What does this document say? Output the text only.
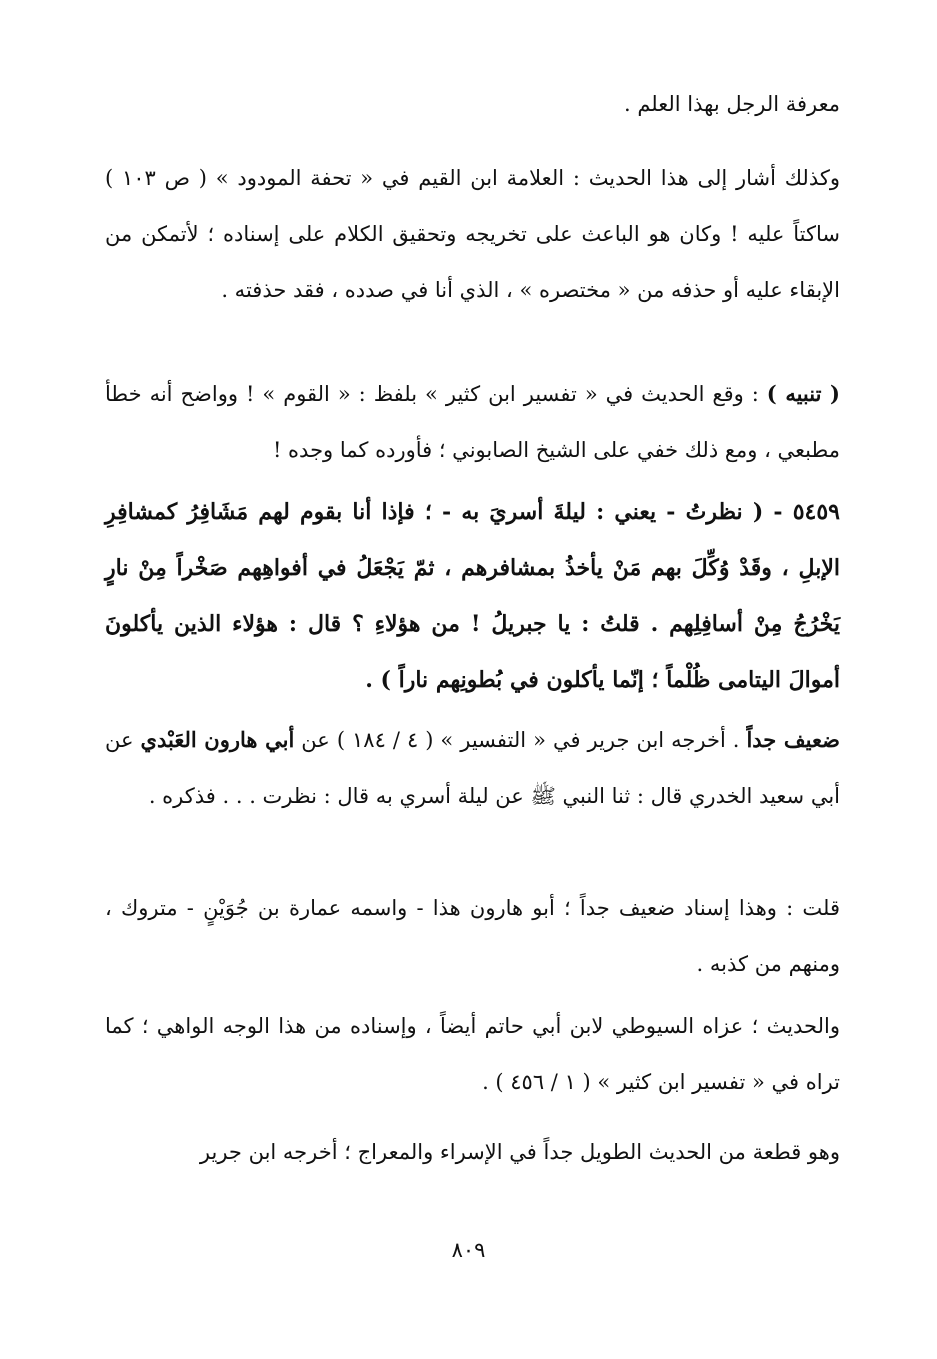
معرفة الرجل بهذا العلم .

وكذلك أشار إلى هذا الحديث : العلامة ابن القيم في « تحفة المودود » ( ص ١٠٣ ) ساكتاً عليه ! وكان هو الباعث على تخريجه وتحقيق الكلام على إسناده ؛ لأتمكن من الإبقاء عليه أو حذفه من « مختصره » ، الذي أنا في صدده ، فقد حذفته .

( تنبيه ) : وقع الحديث في « تفسير ابن كثير » بلفظ : « القوم » ! وواضح أنه خطأ مطبعي ، ومع ذلك خفي على الشيخ الصابوني ؛ فأورده كما وجده !

٥٤٥٩ - ( نظرتُ - يعني : ليلةَ أسريَ به - ؛ فإذا أنا بقوم لهم مَشَافِرُ كمشافِرِ الإبلِ ، وقَدْ وُكِّلَ بهم مَنْ يأخذُ بمشافرهم ، ثمّ يَجْعَلُ في أفواهِهم صَخْراً مِنْ نارٍ يَخْرُجُ مِنْ أسافِلِهم . قلتُ : يا جبريلُ ! من هؤلاءِ ؟ قال : هؤلاء الذين يأكلونَ أموالَ اليتامى ظُلْماً ؛ إنّما يأكلون في بُطونِهم ناراً ) .

ضعيف جداً . أخرجه ابن جرير في « التفسير » ( ٤ / ١٨٤ ) عن أبي هارون العَبْدي عن أبي سعيد الخدري قال : ثنا النبي ﷺ عن ليلة أسري به قال : نظرت . . . فذكره .

قلت : وهذا إسناد ضعيف جداً ؛ أبو هارون هذا - واسمه عمارة بن جُوَيْنٍ - متروك ، ومنهم من كذبه .

والحديث ؛ عزاه السيوطي لابن أبي حاتم أيضاً ، وإسناده من هذا الوجه الواهي ؛ كما تراه في « تفسير ابن كثير » ( ١ / ٤٥٦ ) .

وهو قطعة من الحديث الطويل جداً في الإسراء والمعراج ؛ أخرجه ابن جرير

٨٠٩
